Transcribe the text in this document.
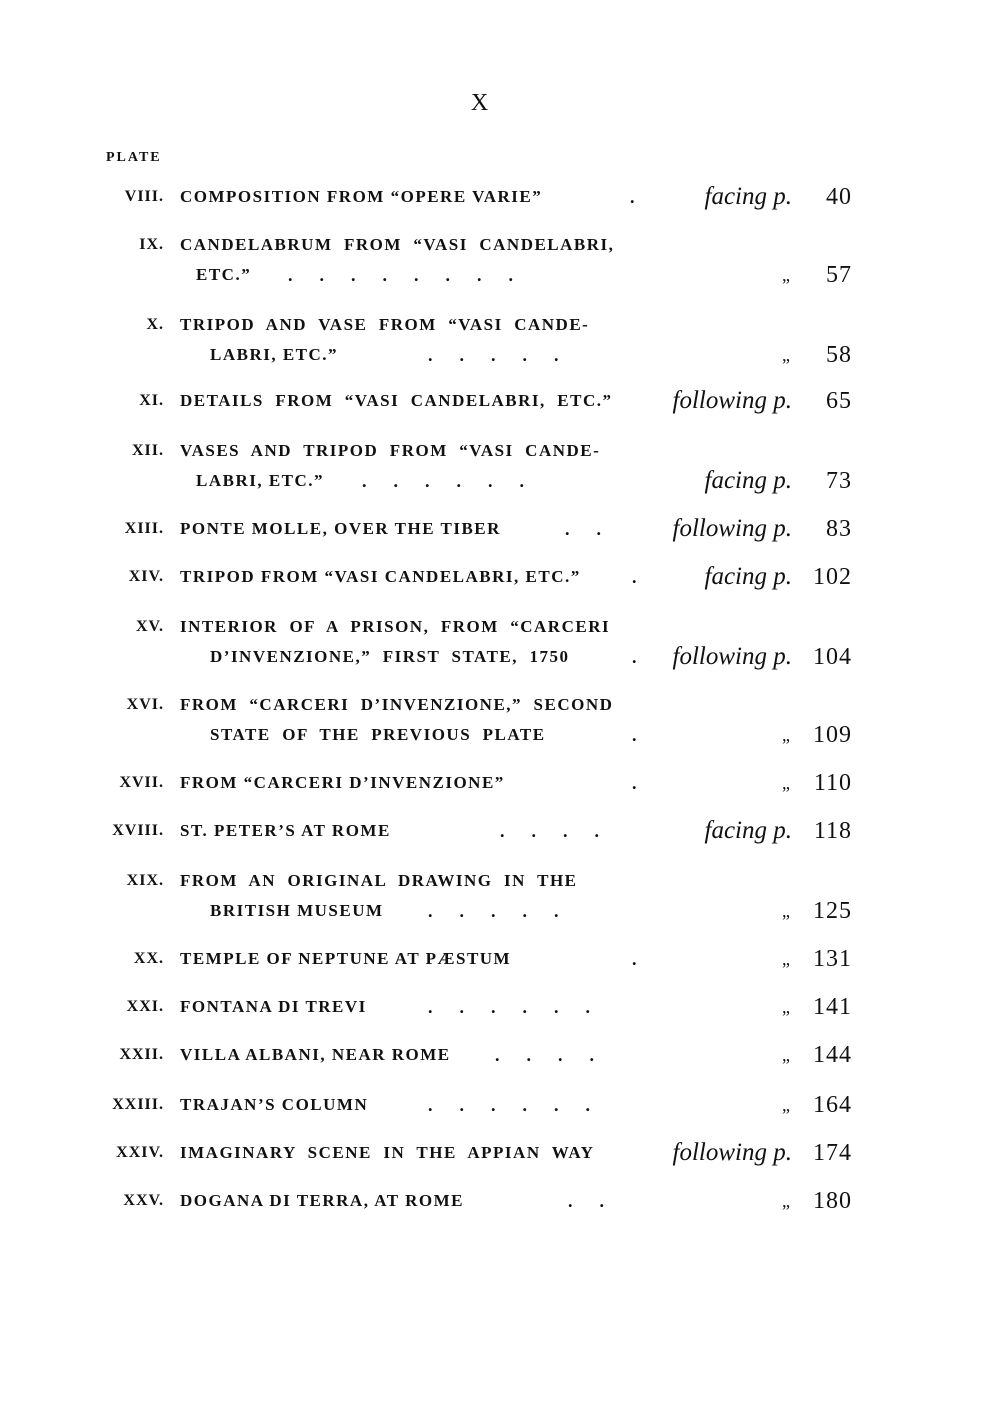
X
PLATE
VIII. COMPOSITION FROM “OPERE VARIE”	.	facing p. 40
IX. CANDELABRUM  FROM  “VASI  CANDELABRI,
ETC.” .      .      .      .      .      .      .      .	„ 57
X. TRIPOD  AND  VASE  FROM  “VASI  CANDE-
LABRI, ETC.”	.      .      .      .      .	„ 58
XI. DETAILS  FROM  “VASI  CANDELABRI,  ETC.”	following p. 65
XII. VASES  AND  TRIPOD  FROM  “VASI  CANDE-
LABRI, ETC.” .      .      .      .      .      .	facing p. 73
XIII. PONTE MOLLE, OVER THE TIBER	.      .	following p. 83
XIV. TRIPOD FROM “VASI CANDELABRI, ETC.”	.	facing p. 102
XV. INTERIOR  OF  A  PRISON,  FROM  “CARCERI
D’INVENZIONE,”  FIRST  STATE,  1750	.	following p. 104
XVI. FROM  “CARCERI  D’INVENZIONE,”  SECOND
STATE  OF  THE  PREVIOUS  PLATE	.	„ 109
XVII. FROM “CARCERI D’INVENZIONE”	.	„ 110
XVIII. ST. PETER’S AT ROME	.      .      .      .	facing p. 118
XIX. FROM  AN  ORIGINAL  DRAWING  IN  THE
BRITISH MUSEUM .      .      .      .      .	„ 125
XX. TEMPLE OF NEPTUNE AT PÆSTUM	.	„ 131
XXI. FONTANA DI TREVI	.      .      .      .      .      .	„ 141
XXII. VILLA ALBANI, NEAR ROME .      .      .      .	„ 144
XXIII. TRAJAN’S COLUMN	.      .      .      .      .      .	„ 164
XXIV. IMAGINARY  SCENE  IN  THE  APPIAN  WAY	following p. 174
XXV. DOGANA DI TERRA, AT ROME	.      .	„ 180
